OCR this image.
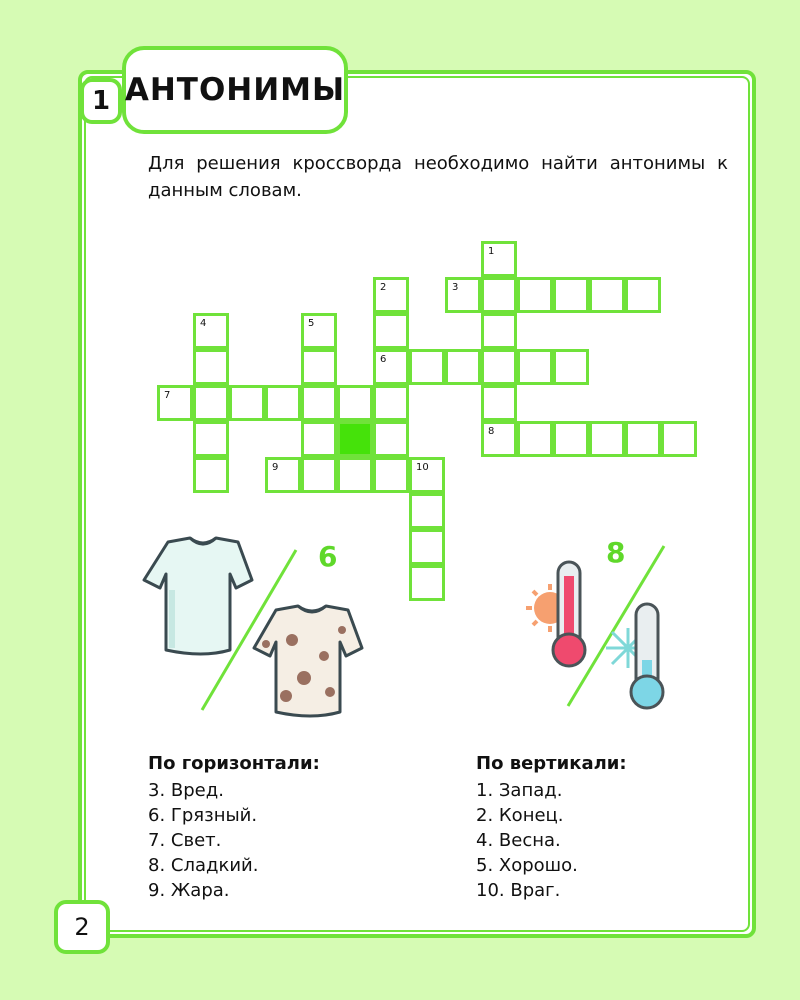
1 АНТОНИМЫ

Для решения кроссворда необходимо найти антонимы к данным словам.

1
8
2
6
3
4	5
7
9	10
6	8
По горизонтали:
3. Вред.
6. Грязный.
7. Свет.
8. Сладкий.
9. Жара.
По вертикали:
1. Запад.
2. Конец.
4. Весна.
5. Хорошо.
10. Враг.
2
